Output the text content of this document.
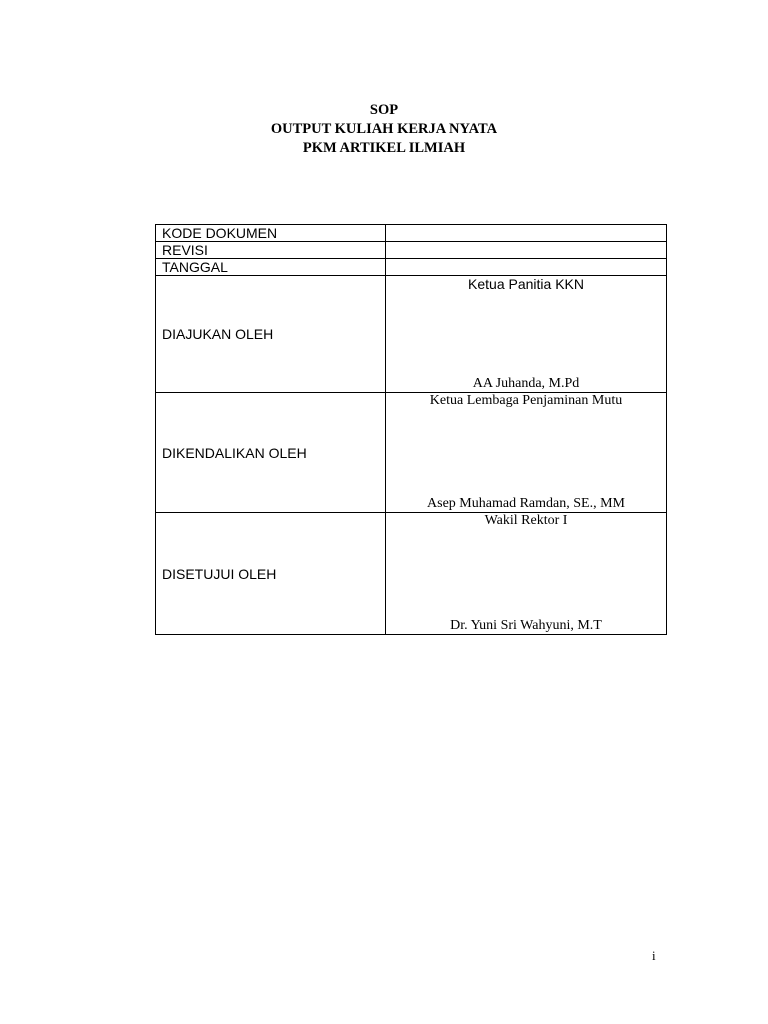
SOP
OUTPUT KULIAH KERJA NYATA
PKM ARTIKEL ILMIAH
KODE DOKUMEN	
REVISI	
TANGGAL	
DIAJUKAN OLEH	Ketua Panitia KKN
AA Juhanda, M.Pd

DIKENDALIKAN OLEH	Ketua Lembaga Penjaminan Mutu
Asep Muhamad Ramdan, SE., MM

DISETUJUI OLEH	Wakil Rektor I
Dr. Yuni Sri Wahyuni, M.T
i
